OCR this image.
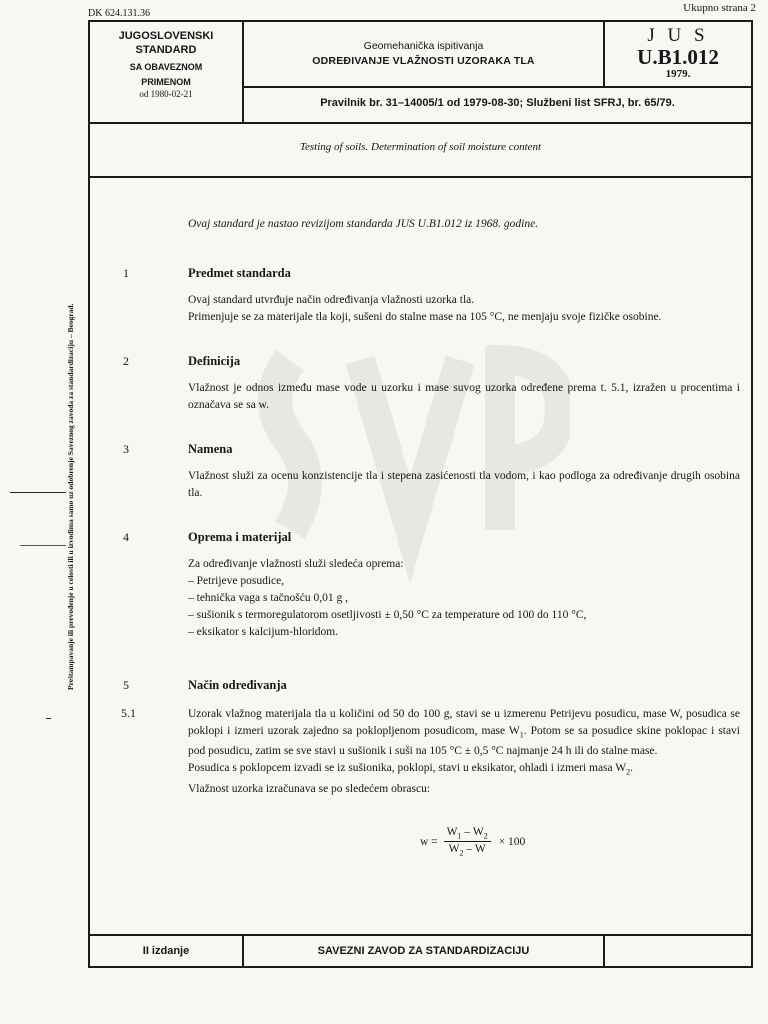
DK 624.131.36	Ukupno strana 2
Preštampavanje ili prevođenje u celosti ili u izvodima samo uz odobrenje Saveznog zavoda za standardizaciju – Beograd.
JUGOSLOVENSKI
STANDARD
SA OBAVEZNOM
PRIMENOM
od 1980-02-21
Geomehanička ispitivanja
ODREĐIVANJE VLAŽNOSTI UZORAKA TLA
J U S
U.B1.012
1979.
Pravilnik br. 31–14005/1 od 1979-08-30; Službeni list SFRJ, br. 65/79.
Testing of soils. Determination of soil moisture content
Ovaj standard je nastao revizijom standarda JUS U.B1.012 iz 1968. godine.
1	Predmet standarda
Ovaj standard utvrđuje način određivanja vlažnosti uzorka tla.
Primenjuje se za materijale tla koji, sušeni do stalne mase na 105 °C, ne menjaju svoje fizičke osobine.
2	Definicija
Vlažnost je odnos između mase vode u uzorku i mase suvog uzorka određene prema t. 5.1, izražen u procentima i označava se sa w.
3	Namena
Vlažnost služi za ocenu konzistencije tla i stepena zasićenosti tla vodom, i kao podloga za određivanje drugih osobina tla.
4	Oprema i materijal
Za određivanje vlažnosti služi sledeća oprema:

– Petrijeve posudice,
– tehnička vaga s tačnošću 0,01 g ,
– sušionik s termoregulatorom osetljivosti ± 0,50 °C za temperature od 100 do 110 °C,
– eksikator s kalcijum-hloridom.
5	Način određivanja
5.1	Uzorak vlažnog materijala tla u količini od 50 do 100 g, stavi se u izmerenu Petrijevu posudicu, mase W, posudica se poklopi i izmeri uzorak zajedno sa poklopljenom posudicom, mase $W_1$. Potom se sa posudice skine poklopac i stavi pod posudicu, zatim se sve stavi u sušionik i suši na 105 °C ± 0,5 °C najmanje 24 h ili do stalne mase.
Posudica s poklopcem izvadi se iz sušionika, poklopi, stavi u eksikator, ohladi i izmeri masa $W_2$.
Vlažnost uzorka izračunava se po sledećem obrascu:
$w = \frac{W_1 - W_2}{W_2 - W} \times 100$
II izdanje	SAVEZNI ZAVOD ZA STANDARDIZACIJU
